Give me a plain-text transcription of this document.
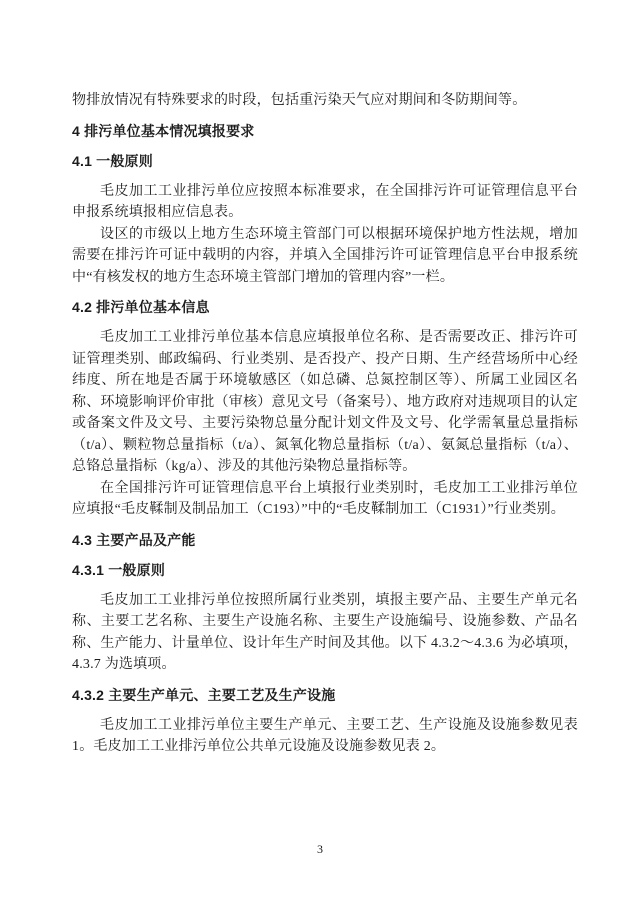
物排放情况有特殊要求的时段，包括重污染天气应对期间和冬防期间等。

4 排污单位基本情况填报要求

4.1 一般原则

毛皮加工工业排污单位应按照本标准要求，在全国排污许可证管理信息平台申报系统填报相应信息表。

设区的市级以上地方生态环境主管部门可以根据环境保护地方性法规，增加需要在排污许可证中载明的内容，并填入全国排污许可证管理信息平台申报系统中“有核发权的地方生态环境主管部门增加的管理内容”一栏。

4.2 排污单位基本信息

毛皮加工工业排污单位基本信息应填报单位名称、是否需要改正、排污许可证管理类别、邮政编码、行业类别、是否投产、投产日期、生产经营场所中心经纬度、所在地是否属于环境敏感区（如总磷、总氮控制区等）、所属工业园区名称、环境影响评价审批（审核）意见文号（备案号）、地方政府对违规项目的认定或备案文件及文号、主要污染物总量分配计划文件及文号、化学需氧量总量指标（t/a）、颗粒物总量指标（t/a）、氮氧化物总量指标（t/a）、氨氮总量指标（t/a）、总铬总量指标（kg/a）、涉及的其他污染物总量指标等。

在全国排污许可证管理信息平台上填报行业类别时，毛皮加工工业排污单位应填报“毛皮鞣制及制品加工（C193）”中的“毛皮鞣制加工（C1931）”行业类别。

4.3 主要产品及产能

4.3.1 一般原则

毛皮加工工业排污单位按照所属行业类别，填报主要产品、主要生产单元名称、主要工艺名称、主要生产设施名称、主要生产设施编号、设施参数、产品名称、生产能力、计量单位、设计年生产时间及其他。以下 4.3.2～4.3.6 为必填项，4.3.7 为选填项。

4.3.2 主要生产单元、主要工艺及生产设施

毛皮加工工业排污单位主要生产单元、主要工艺、生产设施及设施参数见表 1。毛皮加工工业排污单位公共单元设施及设施参数见表 2。

3
